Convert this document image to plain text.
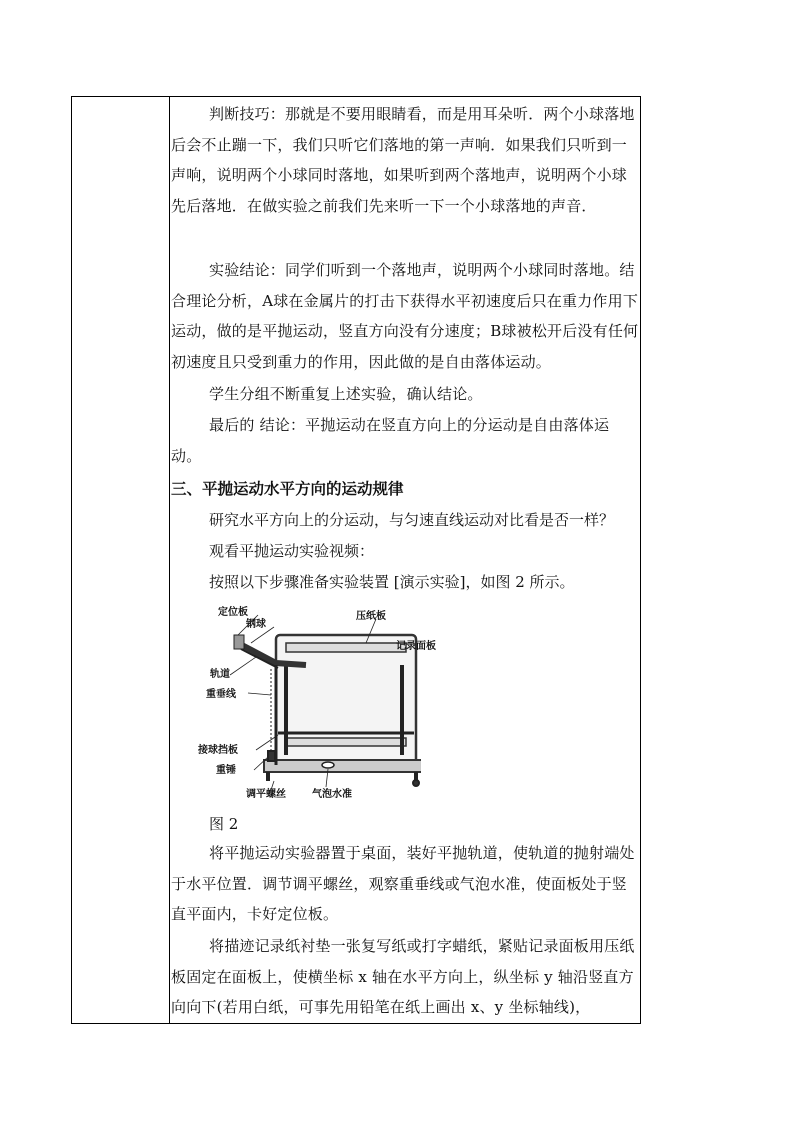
判断技巧：那就是不要用眼睛看，而是用耳朵听．两个小球落地后会不止蹦一下，我们只听它们落地的第一声响．如果我们只听到一声响，说明两个小球同时落地，如果听到两个落地声，说明两个小球先后落地．在做实验之前我们先来听一下一个小球落地的声音．

实验结论：同学们听到一个落地声，说明两个小球同时落地。结合理论分析，A球在金属片的打击下获得水平初速度后只在重力作用下运动，做的是平抛运动，竖直方向没有分速度；B球被松开后没有任何初速度且只受到重力的作用，因此做的是自由落体运动。

学生分组不断重复上述实验，确认结论。

最后的 结论：平抛运动在竖直方向上的分运动是自由落体运动。

三、平抛运动水平方向的运动规律
研究水平方向上的分运动，与匀速直线运动对比看是否一样？
观看平抛运动实验视频：
按照以下步骤准备实验装置 [演示实验]，如图 2 所示。
定位板
钢球
压纸板
记录面板
轨道
重垂线
接球挡板
重锤
调平螺丝	气泡水准
图 2

将平抛运动实验器置于桌面，装好平抛轨道，使轨道的抛射端处于水平位置．调节调平螺丝，观察重垂线或气泡水准，使面板处于竖直平面内，卡好定位板。

将描迹记录纸衬垫一张复写纸或打字蜡纸，紧贴记录面板用压纸板固定在面板上，使横坐标 x 轴在水平方向上，纵坐标 y 轴沿竖直方向向下(若用白纸，可事先用铅笔在纸上画出 x、y 坐标轴线)，
